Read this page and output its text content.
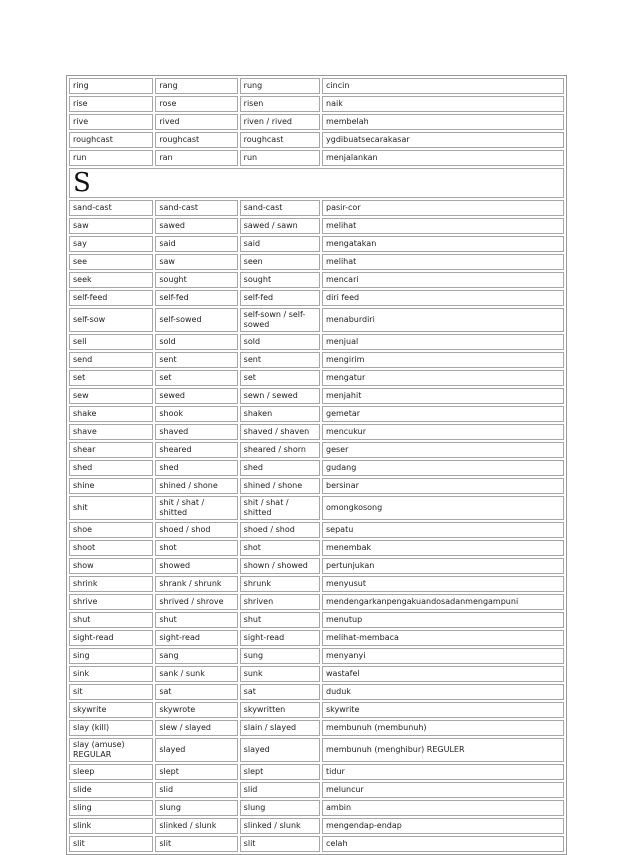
ring	rang	rung	cincin
rise	rose	risen	naik
rive	rived	riven / rived	membelah
roughcast	roughcast	roughcast	ygdibuatsecarakasar
run	ran	run	menjalankan
S			
sand-cast	sand-cast	sand-cast	pasir-cor
saw	sawed	sawed / sawn	melihat
say	said	said	mengatakan
see	saw	seen	melihat
seek	sought	sought	mencari
self-feed	self-fed	self-fed	diri feed
self-sow	self-sowed	self-sown / self-sowed	menaburdiri
sell	sold	sold	menjual
send	sent	sent	mengirim
set	set	set	mengatur
sew	sewed	sewn / sewed	menjahit
shake	shook	shaken	gemetar
shave	shaved	shaved / shaven	mencukur
shear	sheared	sheared / shorn	geser
shed	shed	shed	gudang
shine	shined / shone	shined / shone	bersinar
shit	shit / shat / shitted	shit / shat / shitted	omongkosong
shoe	shoed / shod	shoed / shod	sepatu
shoot	shot	shot	menembak
show	showed	shown / showed	pertunjukan
shrink	shrank / shrunk	shrunk	menyusut
shrive	shrived / shrove	shriven	mendengarkanpengakuandosadanmengampuni
shut	shut	shut	menutup
sight-read	sight-read	sight-read	melihat-membaca
sing	sang	sung	menyanyi
sink	sank / sunk	sunk	wastafel
sit	sat	sat	duduk
skywrite	skywrote	skywritten	skywrite
slay (kill)	slew / slayed	slain / slayed	membunuh (membunuh)
slay (amuse) REGULAR	slayed	slayed	membunuh (menghibur) REGULER
sleep	slept	slept	tidur
slide	slid	slid	meluncur
sling	slung	slung	ambin
slink	slinked / slunk	slinked / slunk	mengendap-endap
slit	slit	slit	celah
